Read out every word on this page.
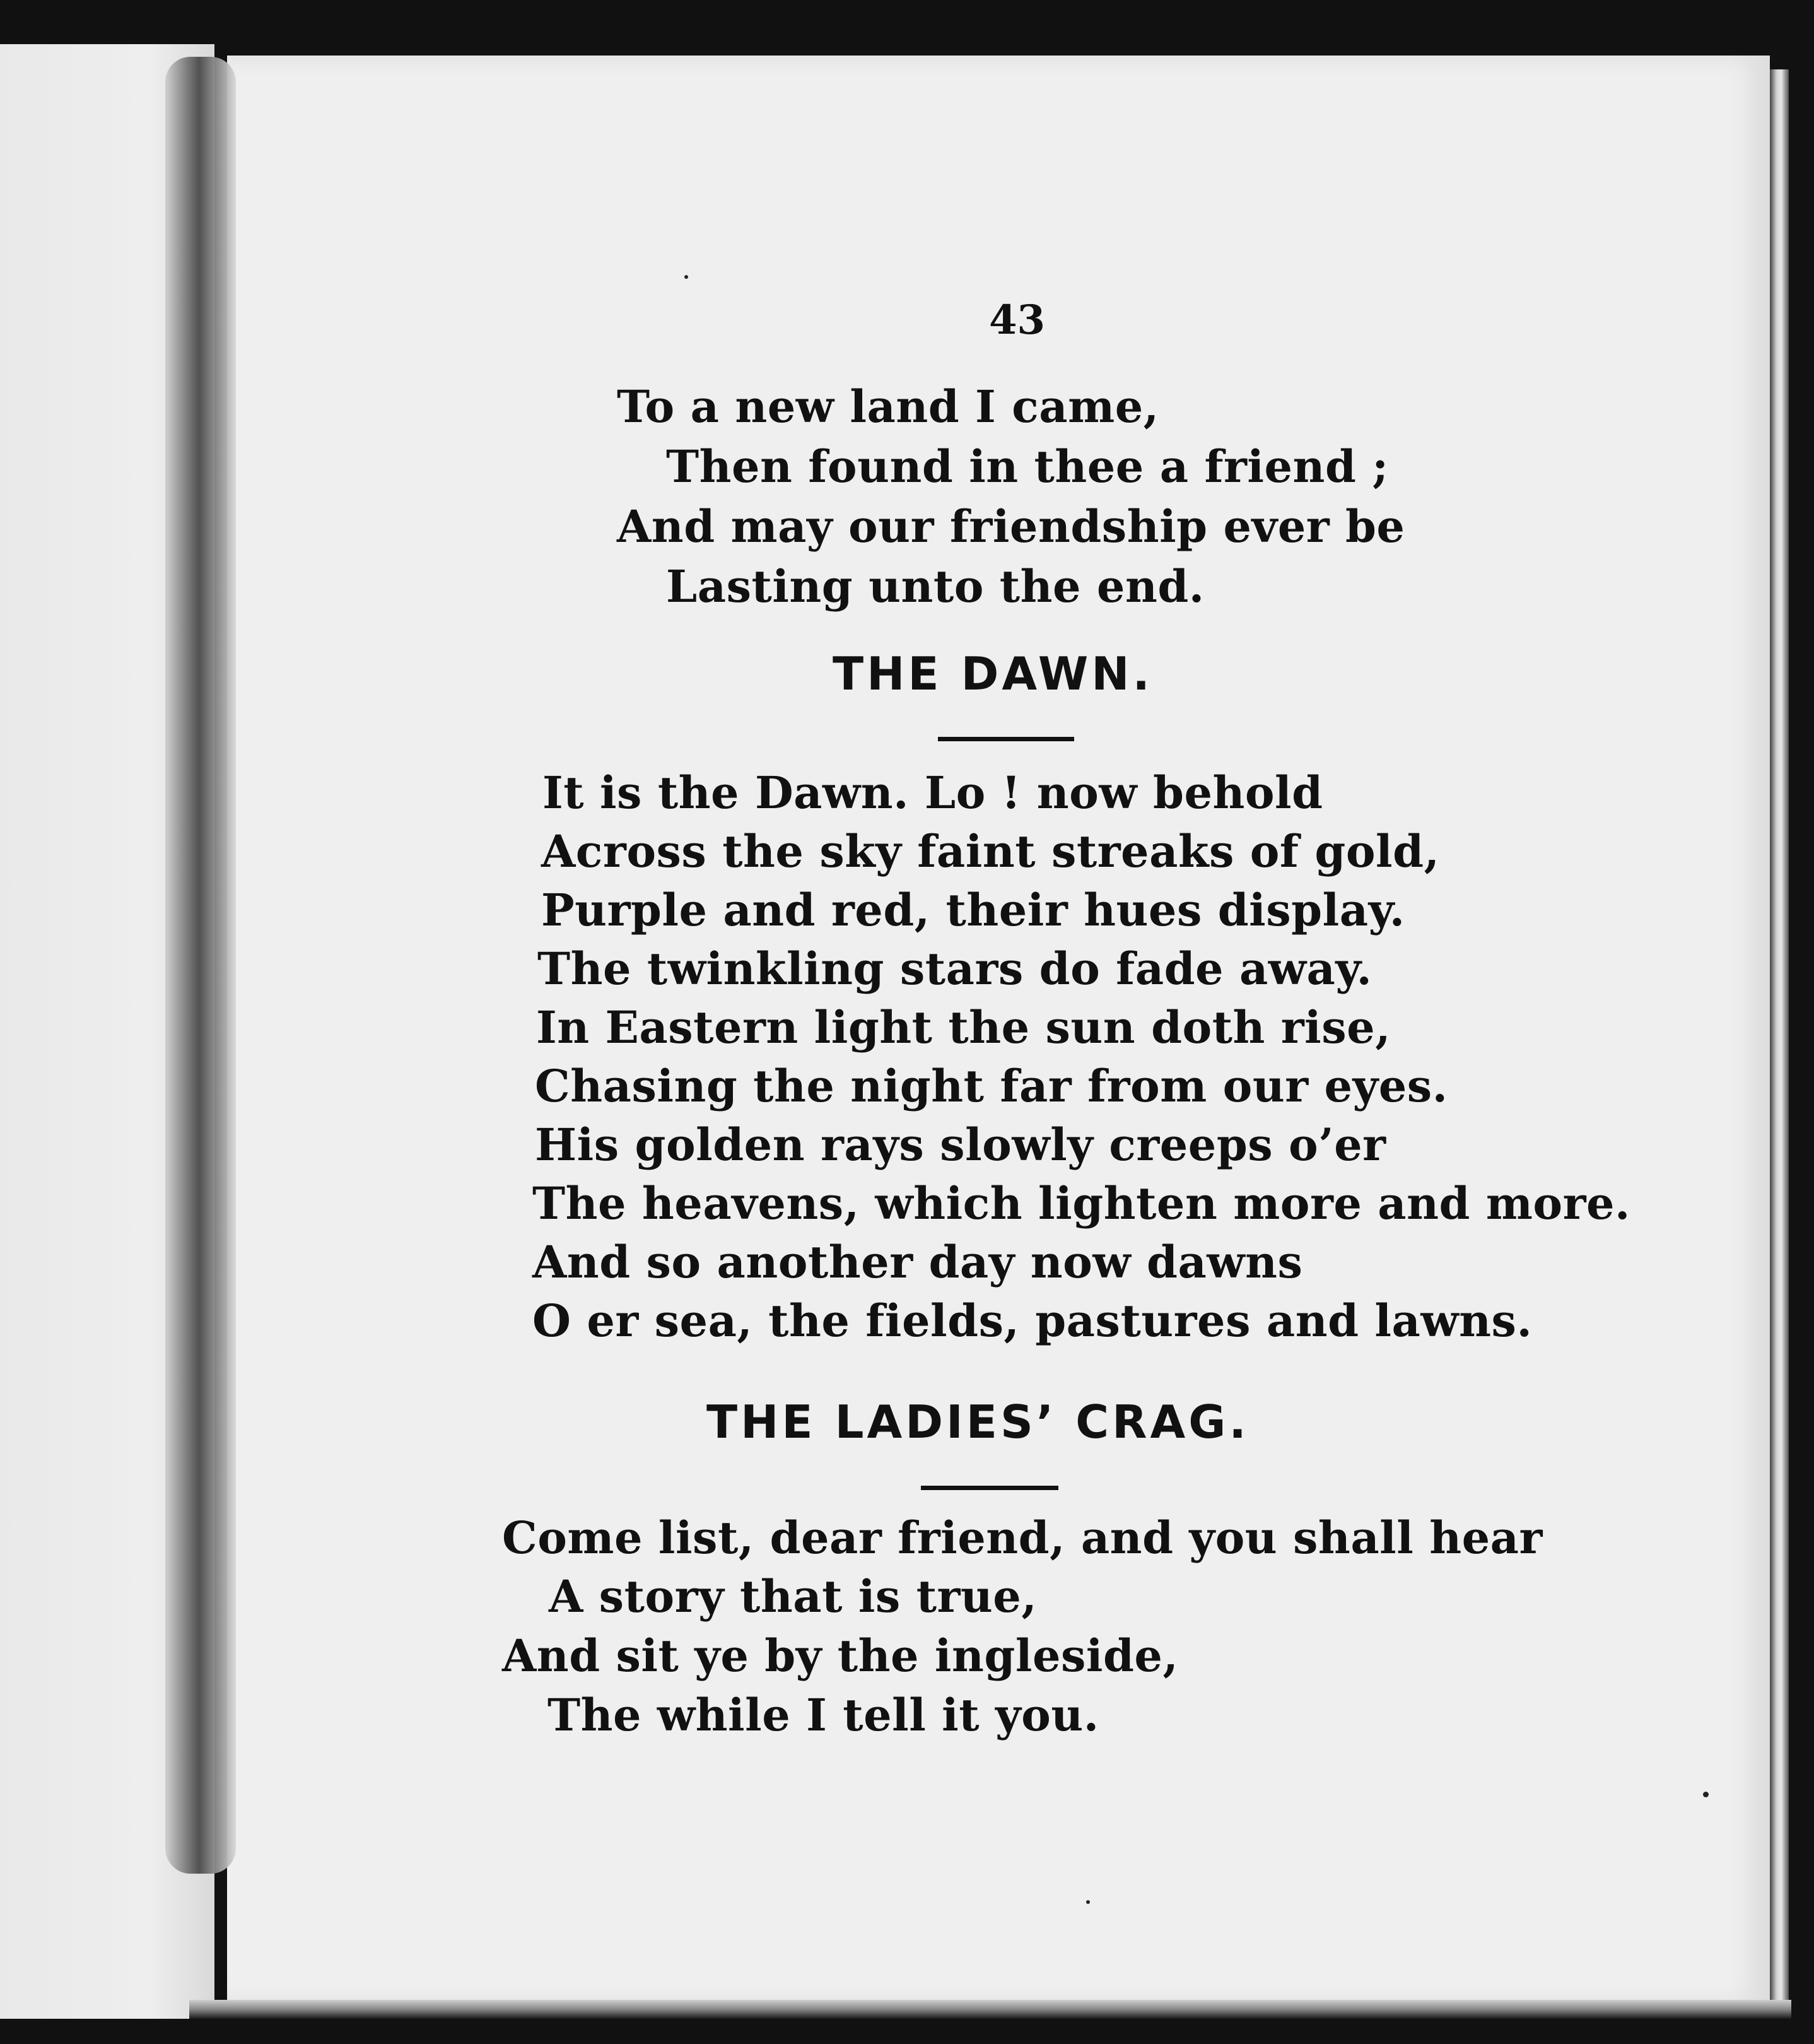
43
To a new land I came,
Then found in thee a friend ;
And may our friendship ever be
Lasting unto the end.
THE DAWN.
It is the Dawn. Lo ! now behold
Across the sky faint streaks of gold,
Purple and red, their hues display.
The twinkling stars do fade away.
In Eastern light the sun doth rise,
Chasing the night far from our eyes.
His golden rays slowly creeps o’er
The heavens, which lighten more and more.
And so another day now dawns
O er sea, the fields, pastures and lawns.
THE LADIES’ CRAG.
Come list, dear friend, and you shall hear
A story that is true,
And sit ye by the ingleside,
The while I tell it you.
